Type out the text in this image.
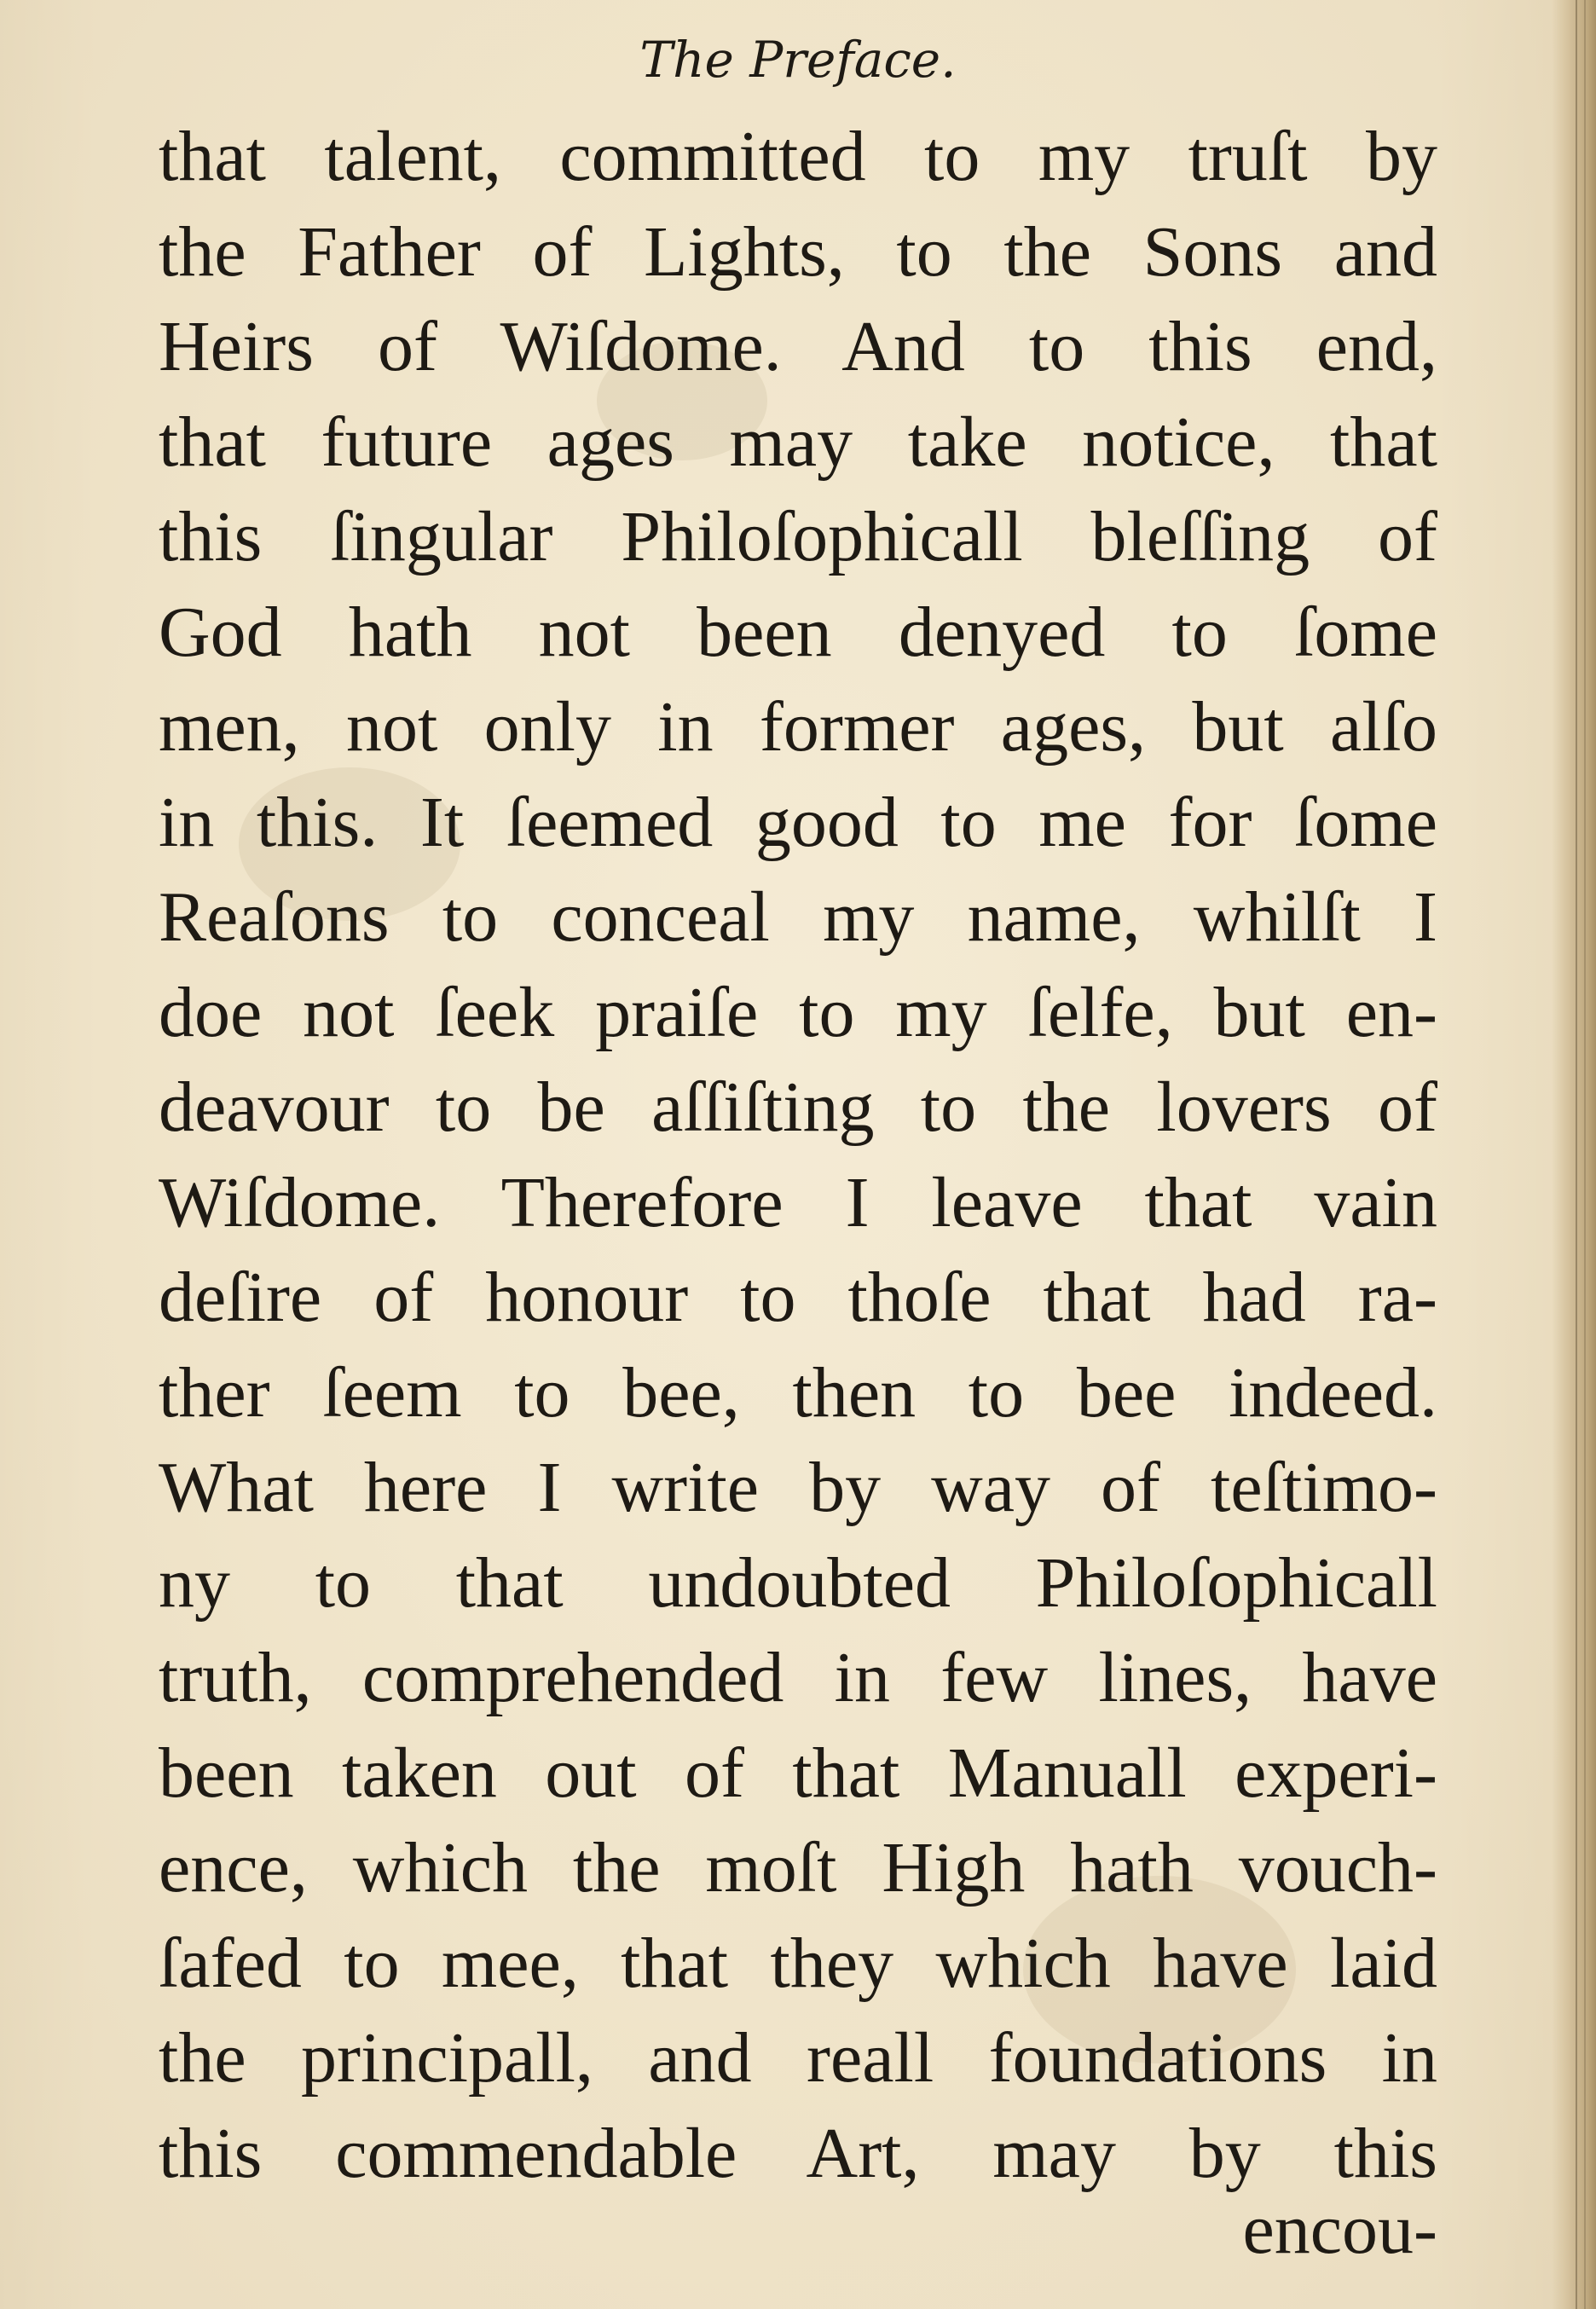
The Preface.
that talent, committed to my truſt by
the Father of Lights, to the Sons and
Heirs of Wiſdome. And to this end,
that future ages may take notice, that
this ſingular Philoſophicall bleſſing of
God hath not been denyed to ſome
men, not only in former ages, but alſo
in this. It ſeemed good to me for ſome
Reaſons to conceal my name, whilſt I
doe not ſeek praiſe to my ſelfe, but en-
deavour to be aſſiſting to the lovers of
Wiſdome. Therefore I leave that vain
deſire of honour to thoſe that had ra-
ther ſeem to bee, then to bee indeed.
What here I write by way of teſtimo-
ny to that undoubted Philoſophicall
truth, comprehended in few lines, have
been taken out of that Manuall experi-
ence, which the moſt High hath vouch-
ſafed to mee, that they which have laid
the principall, and reall foundations in
this commendable Art, may by this
encou-
